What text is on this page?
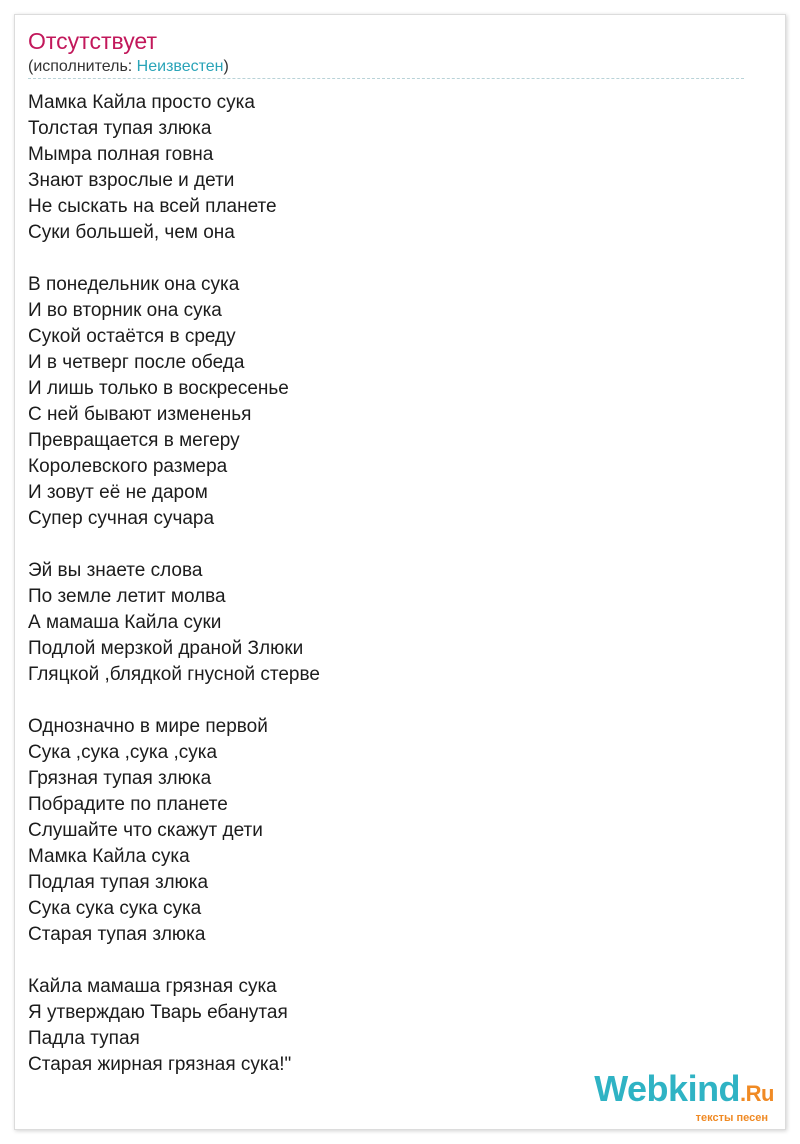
Отсутствует
(исполнитель: Неизвестен)
Мамка Кайла просто сука
Толстая тупая злюка
Мымра полная говна
Знают взрослые и дети
Не сыскать на всей планете
Суки большей, чем она
В понедельник она сука
И во вторник она сука
Сукой остаётся в среду
И в четверг после обеда
И лишь только в воскресенье
С ней бывают измененья
Превращается в мегеру
Королевского размера
И зовут её не даром
Супер сучная сучара
Эй вы знаете слова
По земле летит молва
А мамаша Кайла суки
Подлой мерзкой драной Злюки
Гляцкой ,блядкой гнусной стерве
Однозначно в мире первой
Сука ,сука ,сука ,сука
Грязная тупая злюка
Побрадите по планете
Слушайте что скажут дети
Мамка Кайла сука
Подлая тупая злюка
Сука сука сука сука
Старая тупая злюка
Кайла мамаша грязная сука
Я утверждаю Тварь ебанутая
Падла тупая
Старая жирная грязная сука!"
Webkind.Ru
тексты песен
